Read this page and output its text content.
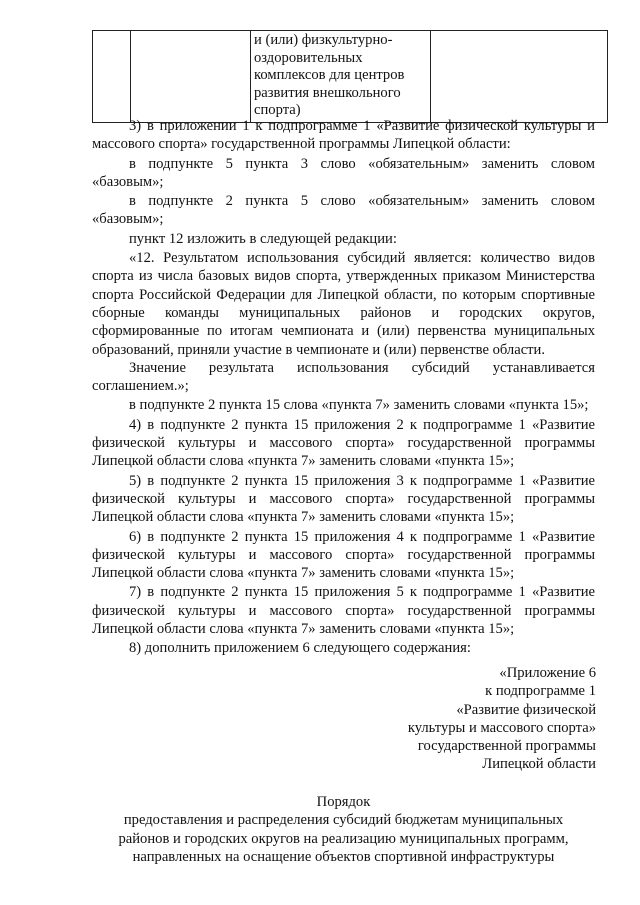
		и (или) физкультурно-оздоровительных комплексов для центров развития внешкольного спорта)	

3) в приложении 1 к подпрограмме 1 «Развитие физической культуры и массового спорта» государственной программы Липецкой области:

в подпункте 5 пункта 3 слово «обязательным» заменить словом «базовым»;

в подпункте 2 пункта 5 слово «обязательным» заменить словом «базовым»;

пункт 12 изложить в следующей редакции:

«12. Результатом использования субсидий является: количество видов спорта из числа базовых видов спорта, утвержденных приказом Министерства спорта Российской Федерации для Липецкой области, по которым спортивные сборные команды муниципальных районов и городских округов, сформированные по итогам чемпионата и (или) первенства муниципальных образований, приняли участие в чемпионате и (или) первенстве области.

Значение результата использования субсидий устанавливается соглашением.»;

в подпункте 2 пункта 15 слова «пункта 7» заменить словами «пункта 15»;

4) в подпункте 2 пункта 15 приложения 2 к подпрограмме 1 «Развитие физической культуры и массового спорта» государственной программы Липецкой области слова «пункта 7» заменить словами «пункта 15»;

5) в подпункте 2 пункта 15 приложения 3 к подпрограмме 1 «Развитие физической культуры и массового спорта» государственной программы Липецкой области слова «пункта 7» заменить словами «пункта 15»;

6) в подпункте 2 пункта 15 приложения 4 к подпрограмме 1 «Развитие физической культуры и массового спорта» государственной программы Липецкой области слова «пункта 7» заменить словами «пункта 15»;

7) в подпункте 2 пункта 15 приложения 5 к подпрограмме 1 «Развитие физической культуры и массового спорта» государственной программы Липецкой области слова «пункта 7» заменить словами «пункта 15»;

8) дополнить приложением 6 следующего содержания:

«Приложение 6
к подпрограмме 1
«Развитие физической
культуры и массового спорта»
государственной программы
Липецкой области
Порядок
предоставления и распределения субсидий бюджетам муниципальных
районов и городских округов на реализацию муниципальных программ,
направленных на оснащение объектов спортивной инфраструктуры
